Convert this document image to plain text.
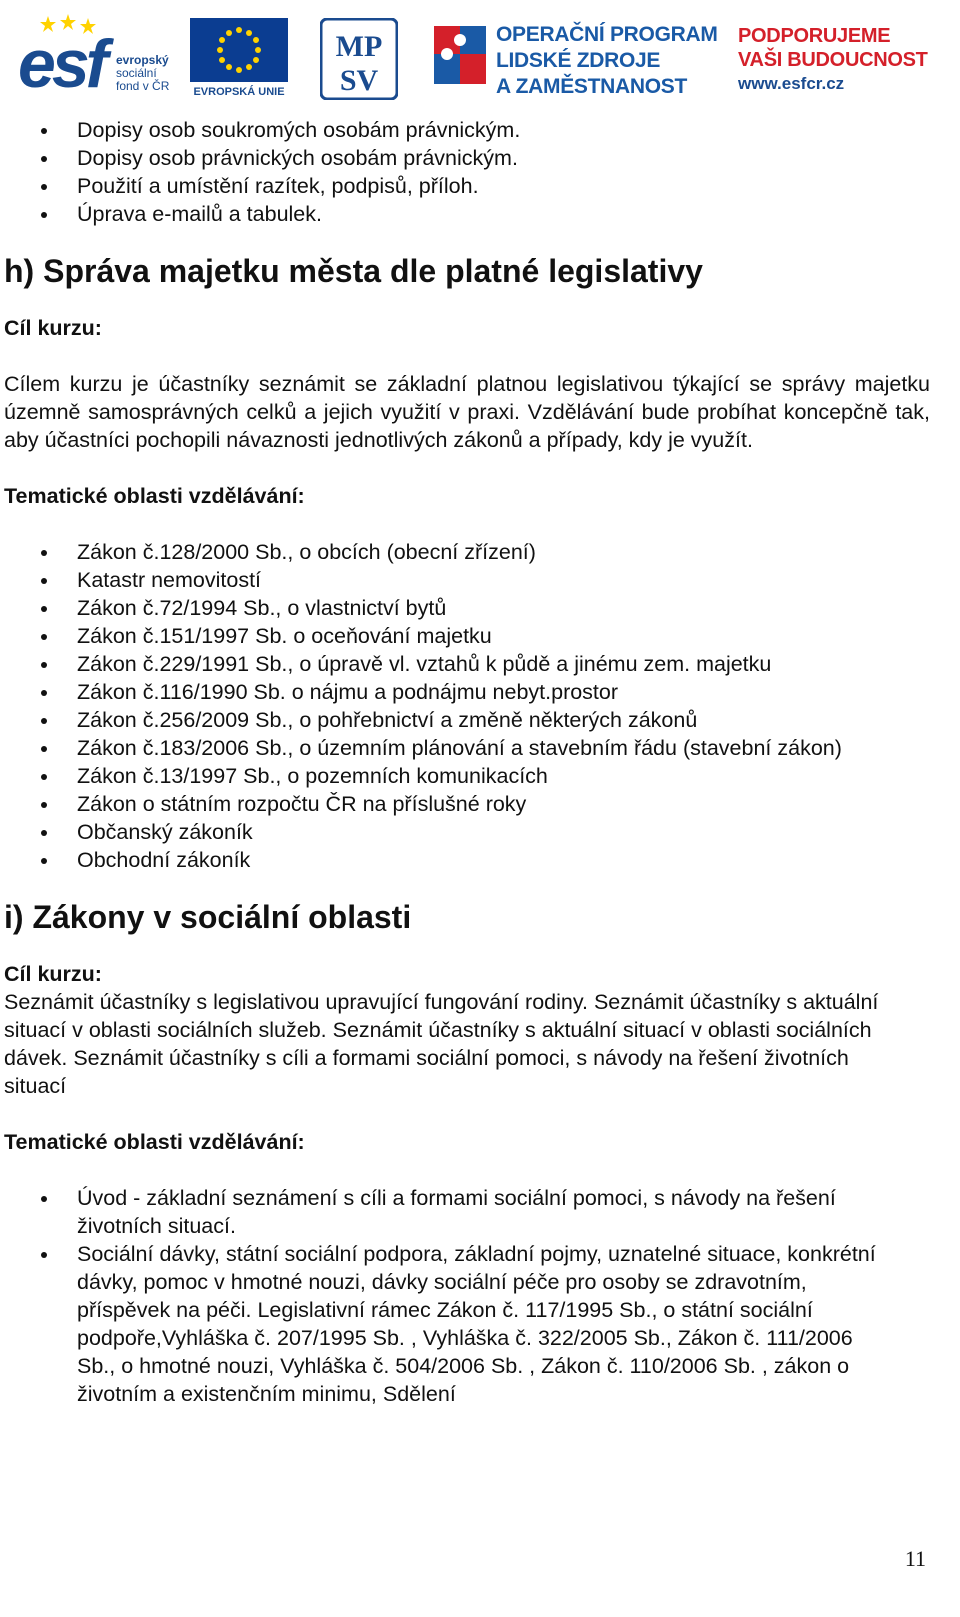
esf evropský
sociální
fond v ČR	EVROPSKÁ UNIE
MP
SV
OPERAČNÍ PROGRAM
LIDSKÉ ZDROJE
A ZAMĚSTNANOST
PODPORUJEME
VAŠI BUDOUCNOST
www.esfcr.cz
Dopisy osob soukromých osobám právnickým.
Dopisy osob právnických osobám právnickým.
Použití a umístění razítek, podpisů, příloh.
Úprava e-mailů a tabulek.
h) Správa majetku města dle platné legislativy

Cíl kurzu:

Cílem kurzu je účastníky seznámit se základní platnou legislativou týkající se správy majetku územně samosprávných celků a jejich využití v praxi. Vzdělávání bude probíhat koncepčně tak, aby účastníci pochopili návaznosti jednotlivých zákonů a případy, kdy je využít.

Tematické oblasti vzdělávání:

Zákon č.128/2000 Sb., o obcích (obecní zřízení)
Katastr nemovitostí
Zákon č.72/1994 Sb., o vlastnictví bytů
Zákon č.151/1997 Sb. o oceňování majetku
Zákon č.229/1991 Sb., o úpravě vl. vztahů k půdě a jinému zem. majetku
Zákon č.116/1990 Sb. o nájmu a podnájmu nebyt.prostor
Zákon č.256/2009 Sb., o pohřebnictví a změně některých zákonů
Zákon č.183/2006 Sb., o územním plánování a stavebním řádu (stavební zákon)
Zákon č.13/1997 Sb., o pozemních komunikacích
Zákon o státním rozpočtu ČR na příslušné roky
Občanský zákoník
Obchodní zákoník
i) Zákony v sociální oblasti

Cíl kurzu:

Seznámit účastníky s legislativou upravující fungování rodiny. Seznámit účastníky s aktuální situací v oblasti sociálních služeb. Seznámit účastníky s aktuální situací v oblasti sociálních dávek. Seznámit účastníky s cíli a formami sociální pomoci, s návody na řešení životních situací

Tematické oblasti vzdělávání:

Úvod - základní seznámení s cíli a formami sociální pomoci, s návody na řešení životních situací.
Sociální dávky, státní sociální podpora, základní pojmy, uznatelné situace, konkrétní dávky, pomoc v hmotné nouzi, dávky sociální péče pro osoby se zdravotním, příspěvek na péči. Legislativní rámec Zákon č. 117/1995 Sb., o státní sociální podpoře,Vyhláška č. 207/1995 Sb. , Vyhláška č. 322/2005 Sb., Zákon č. 111/2006 Sb., o hmotné nouzi, Vyhláška č. 504/2006 Sb. , Zákon č. 110/2006 Sb. , zákon o životním a existenčním minimu, Sdělení
11
